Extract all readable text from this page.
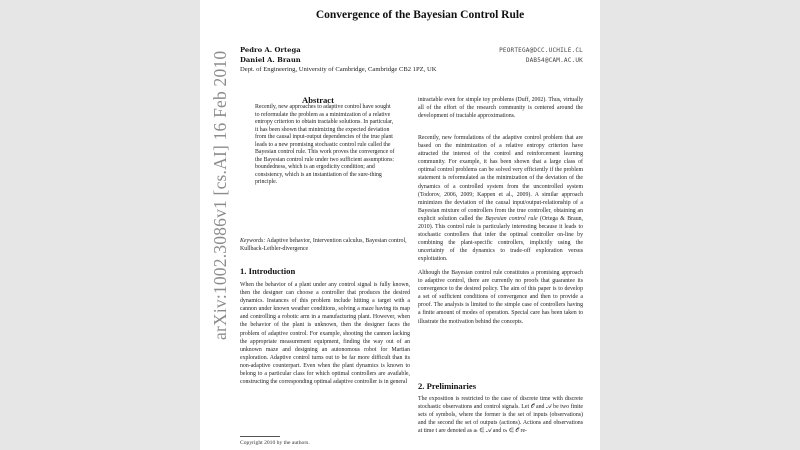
arXiv:1002.3086v1 [cs.AI] 16 Feb 2010
Convergence of the Bayesian Control Rule
Pedro A. Ortega	PEORTEGA@DCC.UCHILE.CL
Daniel A. Braun	DAB54@CAM.AC.UK
Dept. of Engineering, University of Cambridge, Cambridge CB2 1PZ, UK
Abstract

Recently, new approaches to adaptive control have sought to reformulate the problem as a minimization of a relative entropy criterion to obtain tractable solutions. In particular, it has been shown that minimizing the expected deviation from the causal input-output dependencies of the true plant leads to a new promising stochastic control rule called the Bayesian control rule. This work proves the convergence of the Bayesian control rule under two sufficient assumptions: boundedness, which is an ergodicity condition; and consistency, which is an instantiation of the sure-thing principle.

Keywords: Adaptive behavior, Intervention calculus, Bayesian control, Kullback-Leibler-divergence

1. Introduction

When the behavior of a plant under any control signal is fully known, then the designer can choose a controller that produces the desired dynamics. Instances of this problem include hitting a target with a cannon under known weather conditions, solving a maze having its map and controlling a robotic arm in a manufacturing plant. However, when the behavior of the plant is unknown, then the designer faces the problem of adaptive control. For example, shooting the cannon lacking the appropriate measurement equipment, finding the way out of an unknown maze and designing an autonomous robot for Martian exploration. Adaptive control turns out to be far more difficult than its non-adaptive counterpart. Even when the plant dynamics is known to belong to a particular class for which optimal controllers are available, constructing the corresponding optimal adaptive controller is in general

intractable even for simple toy problems (Duff, 2002). Thus, virtually all of the effort of the research community is centered around the development of tractable approximations.

Recently, new formulations of the adaptive control problem that are based on the minimization of a relative entropy criterion have attracted the interest of the control and reinforcement learning community. For example, it has been shown that a large class of optimal control problems can be solved very efficiently if the problem statement is reformulated as the minimization of the deviation of the dynamics of a controlled system from the uncontrolled system (Todorov, 2006, 2009; Kappen et al., 2009). A similar approach minimizes the deviation of the causal input/output-relationship of a Bayesian mixture of controllers from the true controller, obtaining an explicit solution called the Bayesian control rule (Ortega & Braun, 2010). This control rule is particularly interesting because it leads to stochastic controllers that infer the optimal controller on-line by combining the plant-specific controllers, implicitly using the uncertainty of the dynamics to trade-off exploration versus exploitation.

Although the Bayesian control rule constitutes a promising approach to adaptive control, there are currently no proofs that guarantee its convergence to the desired policy. The aim of this paper is to develop a set of sufficient conditions of convergence and then to provide a proof. The analysis is limited to the simple case of controllers having a finite amount of modes of operation. Special care has been taken to illustrate the motivation behind the concepts.

2. Preliminaries

The exposition is restricted to the case of discrete time with discrete stochastic observations and control signals. Let 𝒪 and 𝒜 be two finite sets of symbols, where the former is the set of inputs (observations) and the second the set of outputs (actions). Actions and observations at time t are denoted as aₜ ∈ 𝒜 and oₜ ∈ 𝒪 re-

Copyright 2010 by the authors.
